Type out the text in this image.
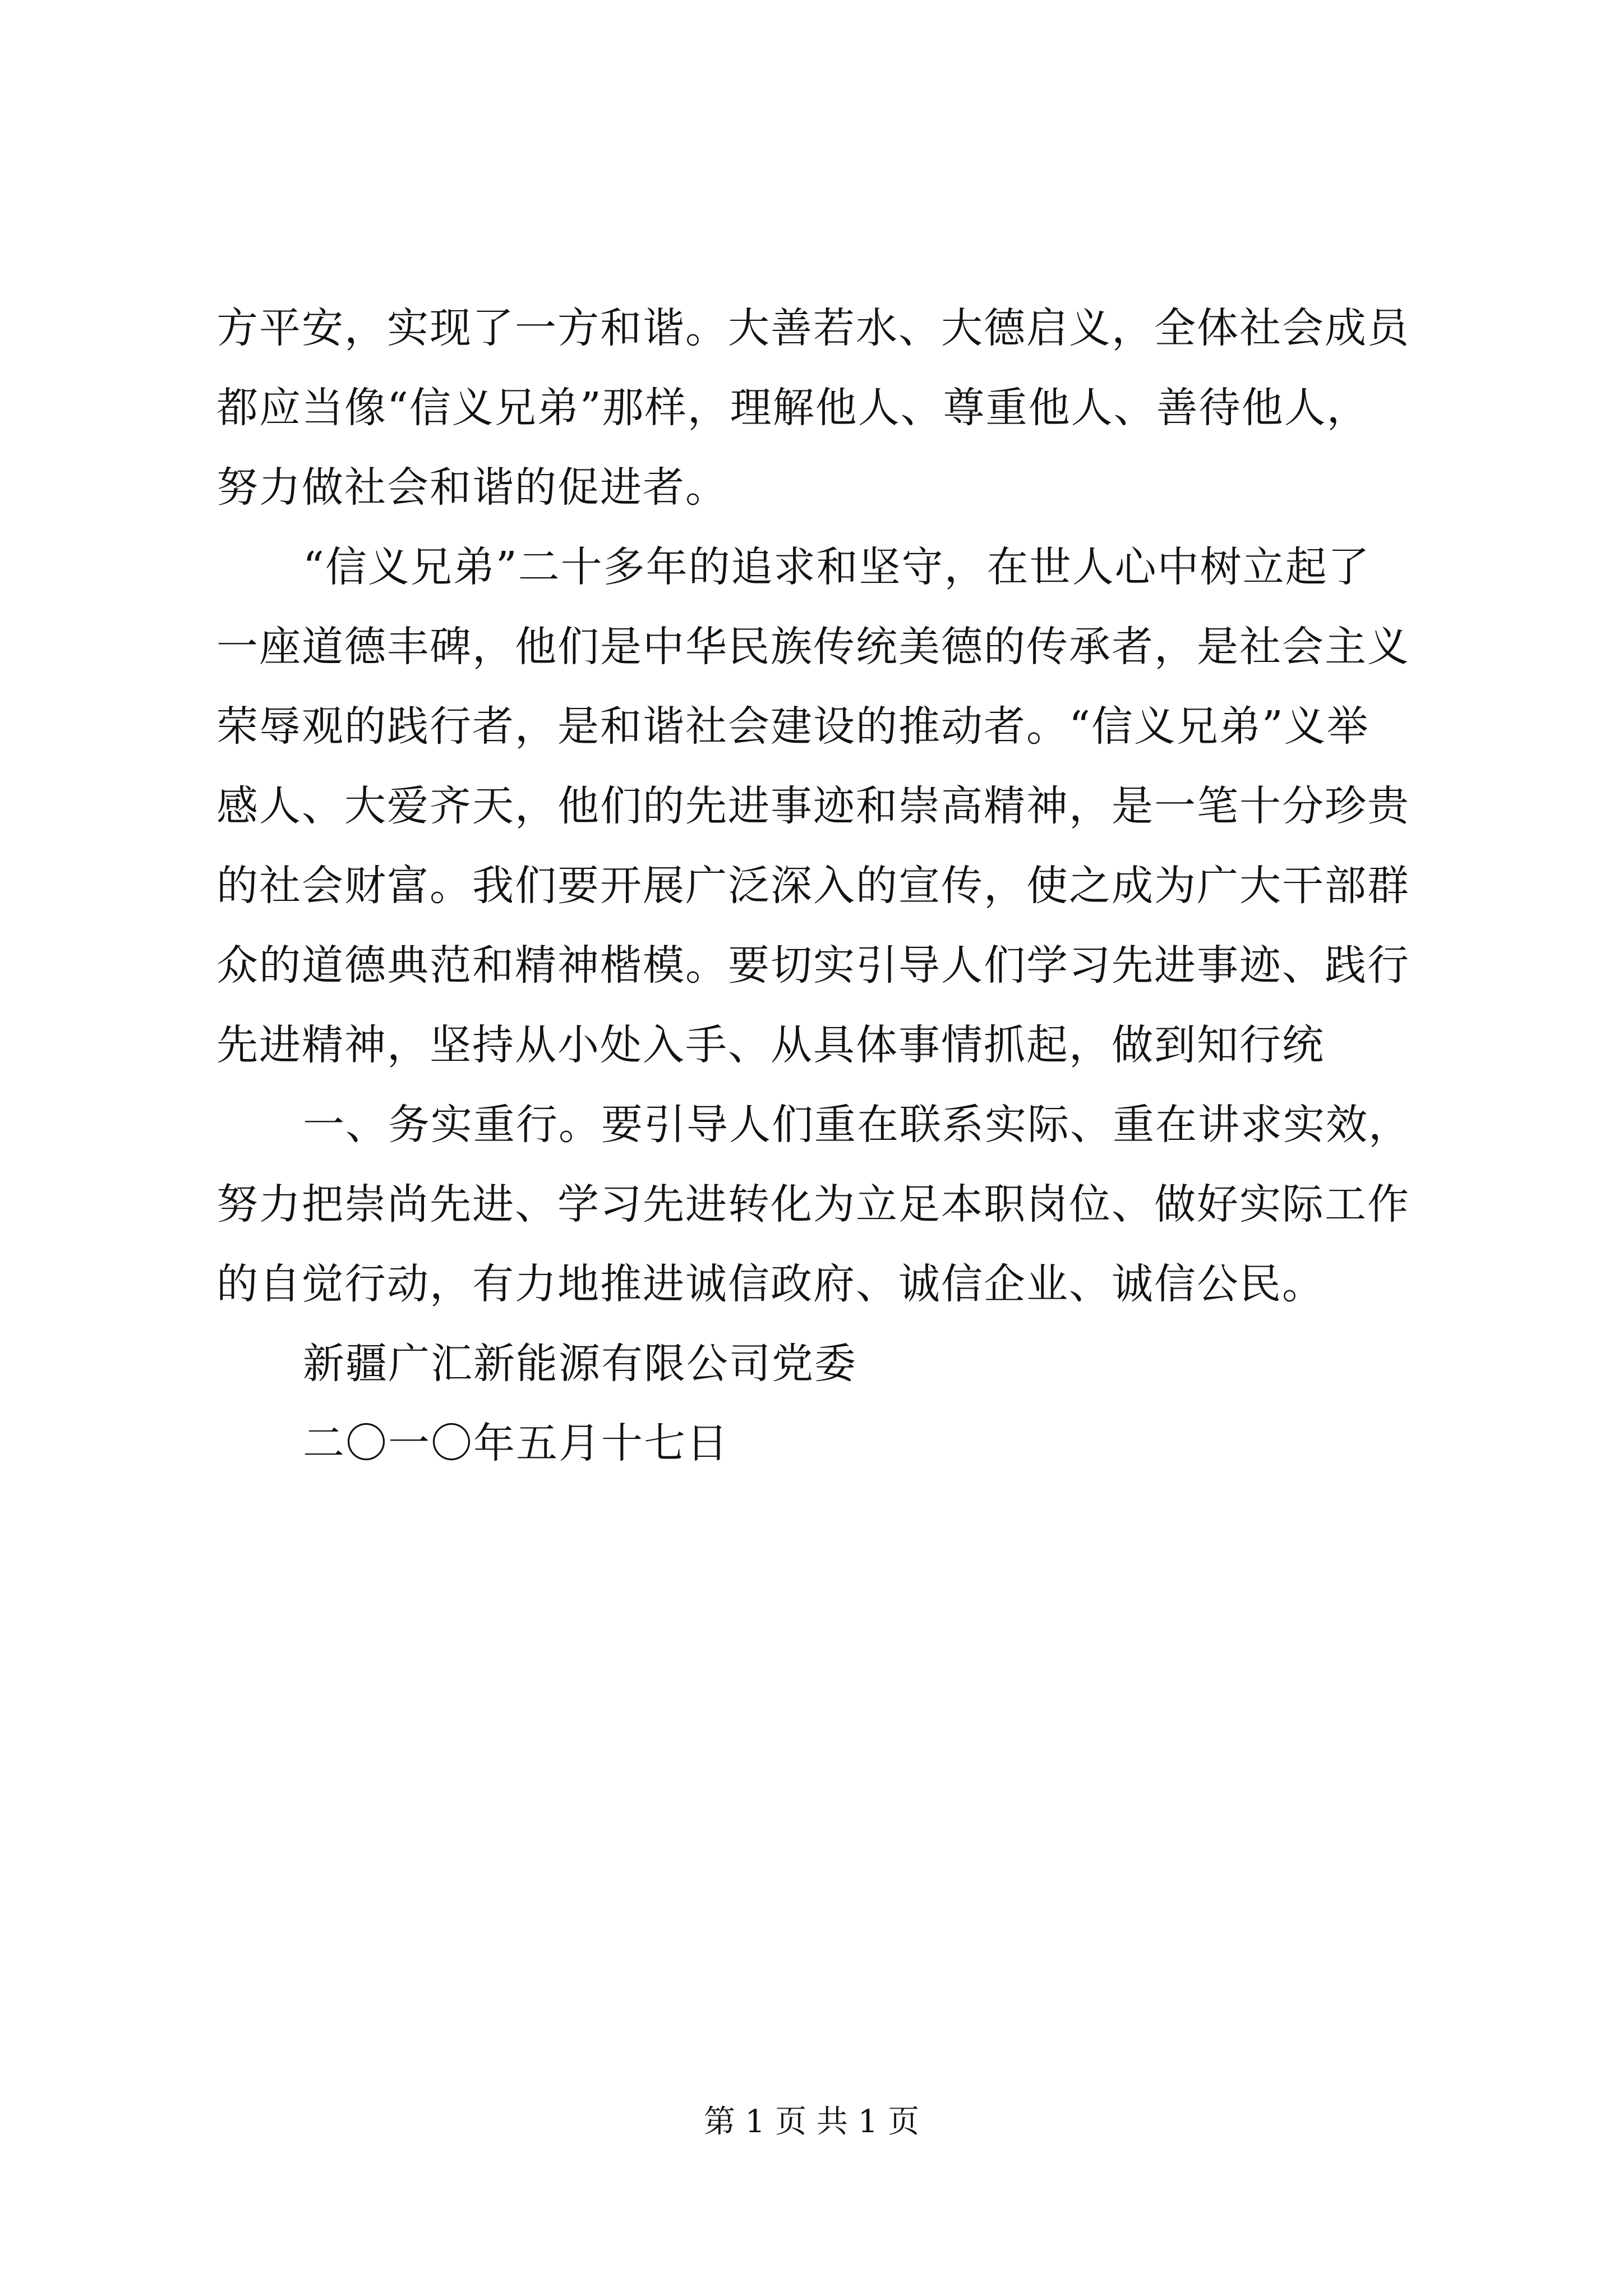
方平安，实现了一方和谐。大善若水、大德启义，全体社会成员
都应当像“信义兄弟”那样，理解他人、尊重他人、善待他人，
努力做社会和谐的促进者。
“信义兄弟”二十多年的追求和坚守，在世人心中树立起了
一座道德丰碑，他们是中华民族传统美德的传承者，是社会主义
荣辱观的践行者，是和谐社会建设的推动者。“信义兄弟”义举
感人、大爱齐天，他们的先进事迹和崇高精神，是一笔十分珍贵
的社会财富。我们要开展广泛深入的宣传，使之成为广大干部群
众的道德典范和精神楷模。要切实引导人们学习先进事迹、践行
先进精神，坚持从小处入手、从具体事情抓起，做到知行统
一、务实重行。要引导人们重在联系实际、重在讲求实效，
努力把崇尚先进、学习先进转化为立足本职岗位、做好实际工作
的自觉行动，有力地推进诚信政府、诚信企业、诚信公民。
新疆广汇新能源有限公司党委
二〇一〇年五月十七日
第 1 页 共 1 页
